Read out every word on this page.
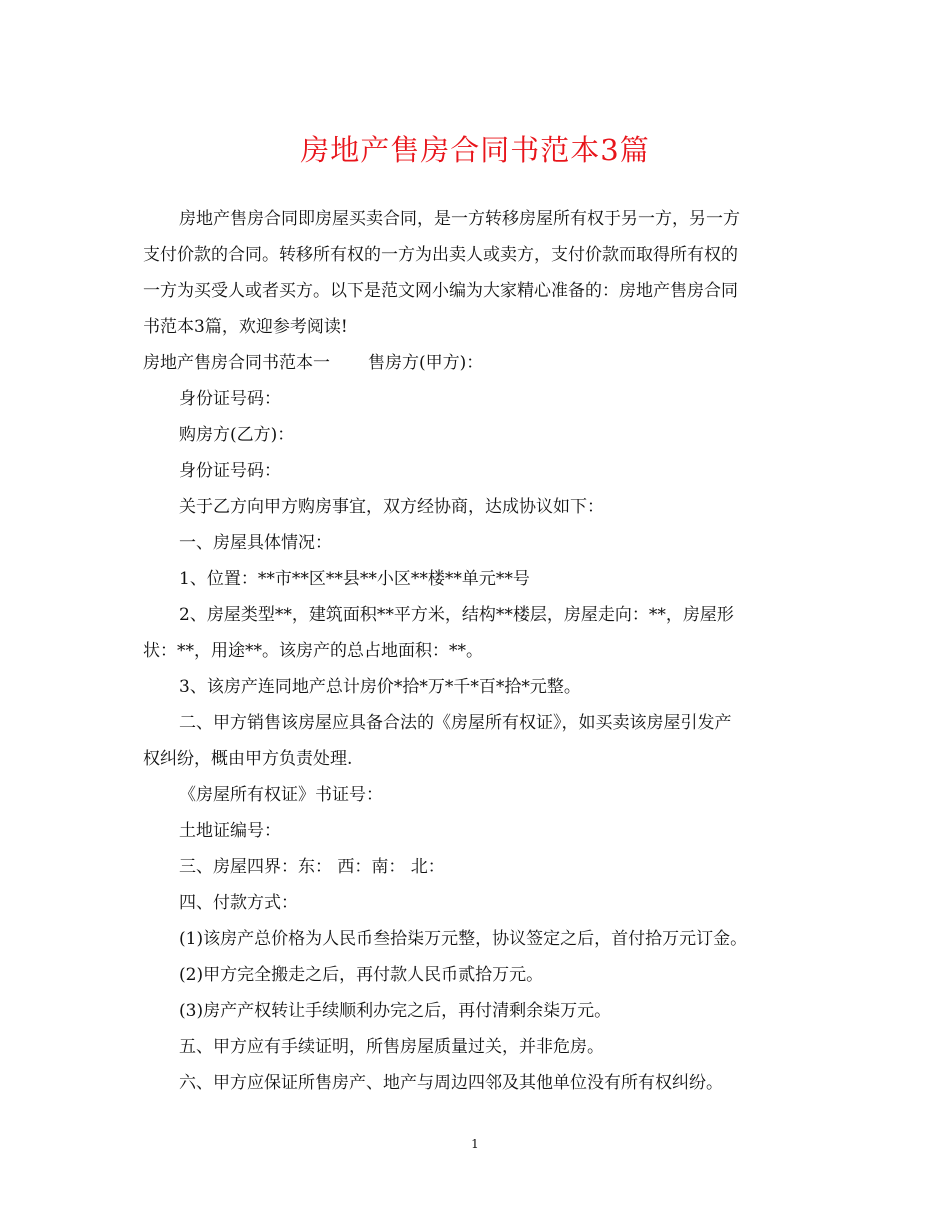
房地产售房合同书范本3篇
房地产售房合同即房屋买卖合同，是一方转移房屋所有权于另一方，另一方
支付价款的合同。转移所有权的一方为出卖人或卖方，支付价款而取得所有权的
一方为买受人或者买方。以下是范文网小编为大家精心准备的：房地产售房合同
书范本3篇，欢迎参考阅读!
房地产售房合同书范本一 售房方(甲方)：
身份证号码：
购房方(乙方)：
身份证号码：
关于乙方向甲方购房事宜，双方经协商，达成协议如下：
一、房屋具体情况：
1、位置：**市**区**县**小区**楼**单元**号
2、房屋类型**，建筑面积**平方米，结构**楼层，房屋走向：**，房屋形
状：**，用途**。该房产的总占地面积：**。
3、该房产连同地产总计房价*拾*万*千*百*拾*元整。
二、甲方销售该房屋应具备合法的《房屋所有权证》，如买卖该房屋引发产
权纠纷，概由甲方负责处理.
《房屋所有权证》书证号：
土地证编号：
三、房屋四界：东： 西：南： 北：
四、付款方式：
(1)该房产总价格为人民币叁拾柒万元整，协议签定之后，首付拾万元订金。
(2)甲方完全搬走之后，再付款人民币贰拾万元。
(3)房产产权转让手续顺利办完之后，再付清剩余柒万元。
五、甲方应有手续证明，所售房屋质量过关，并非危房。
六、甲方应保证所售房产、地产与周边四邻及其他单位没有所有权纠纷。
1
